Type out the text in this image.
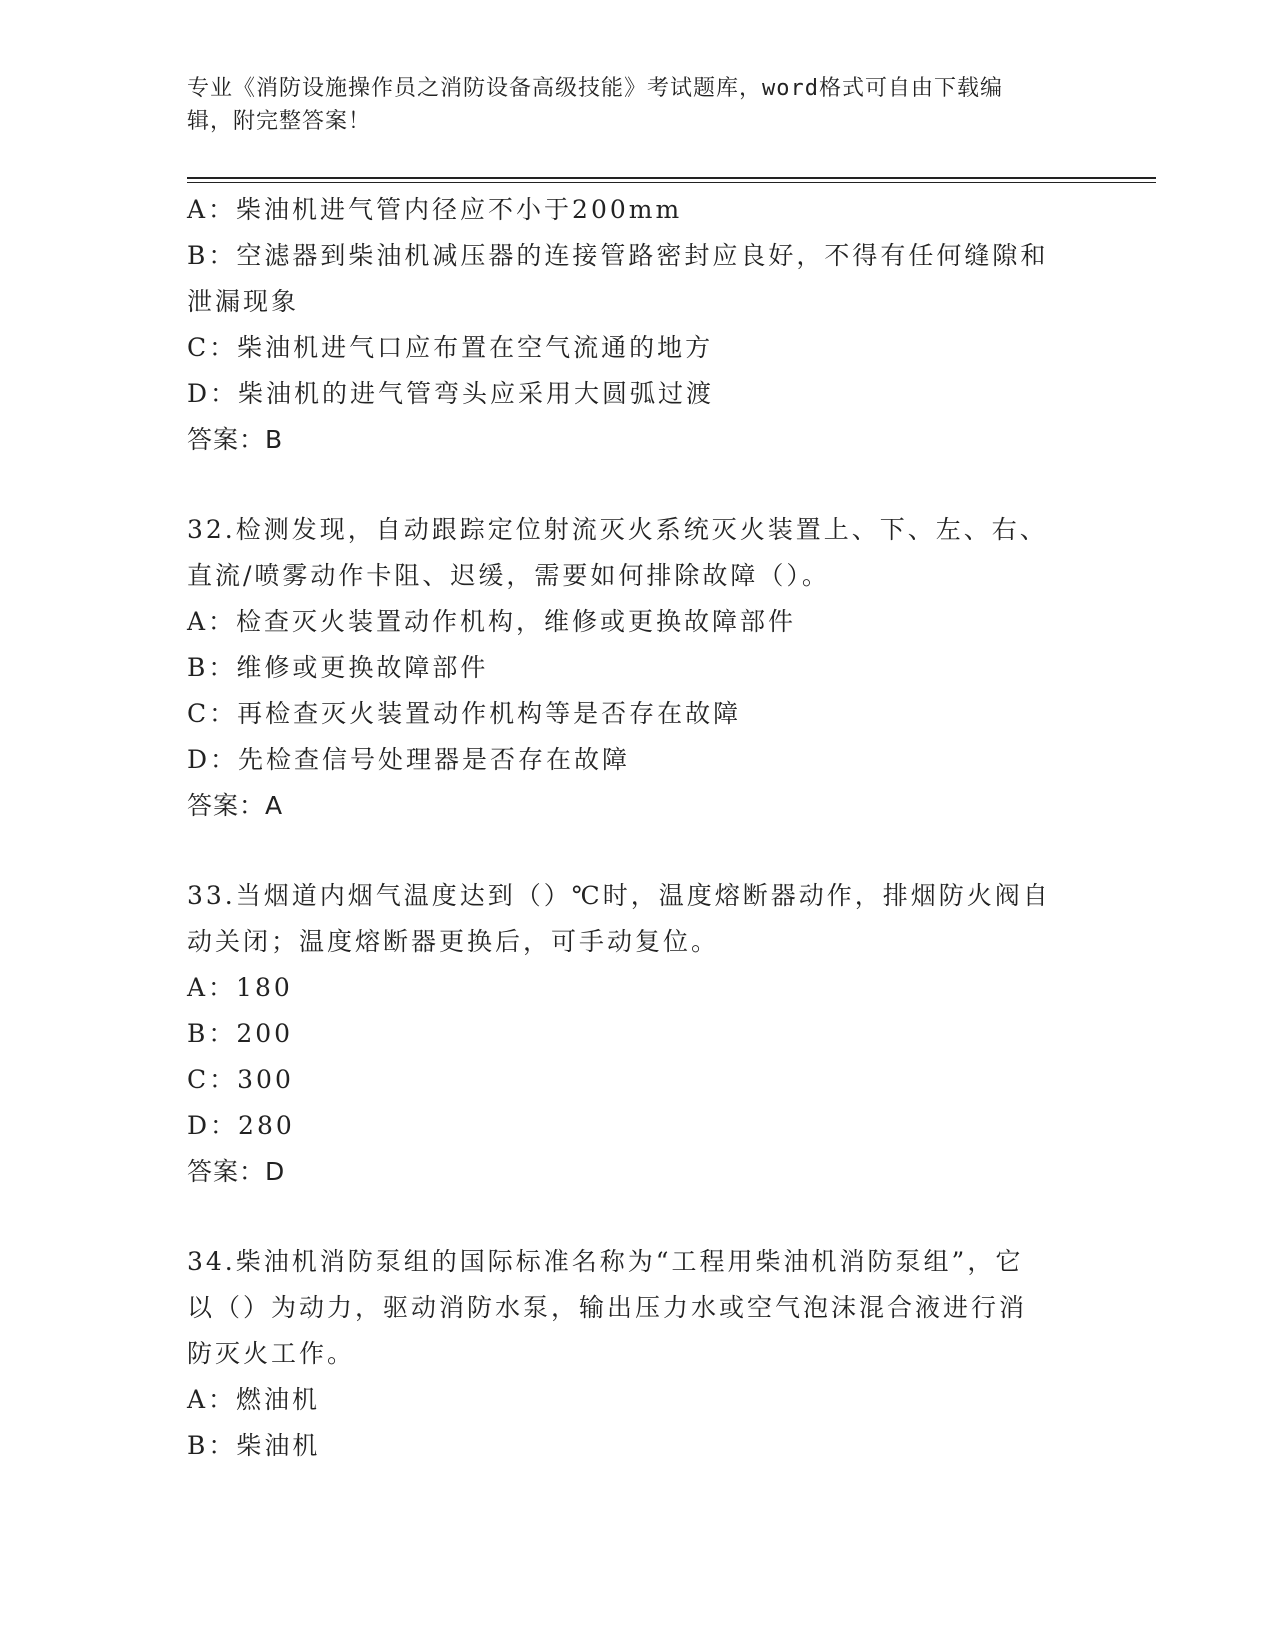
专业《消防设施操作员之消防设备高级技能》考试题库，word格式可自由下载编
辑，附完整答案！
A：柴油机进气管内径应不小于200mm
B：空滤器到柴油机减压器的连接管路密封应良好，不得有任何缝隙和
泄漏现象
C：柴油机进气口应布置在空气流通的地方
D：柴油机的进气管弯头应采用大圆弧过渡
答案：B
32.检测发现，自动跟踪定位射流灭火系统灭火装置上、下、左、右、
直流/喷雾动作卡阻、迟缓，需要如何排除故障（）。
A：检查灭火装置动作机构，维修或更换故障部件
B：维修或更换故障部件
C：再检查灭火装置动作机构等是否存在故障
D：先检查信号处理器是否存在故障
答案：A
33.当烟道内烟气温度达到（）℃时，温度熔断器动作，排烟防火阀自
动关闭；温度熔断器更换后，可手动复位。
A：180
B：200
C：300
D：280
答案：D
34.柴油机消防泵组的国际标准名称为“工程用柴油机消防泵组”，它
以（）为动力，驱动消防水泵，输出压力水或空气泡沫混合液进行消
防灭火工作。
A：燃油机
B：柴油机
